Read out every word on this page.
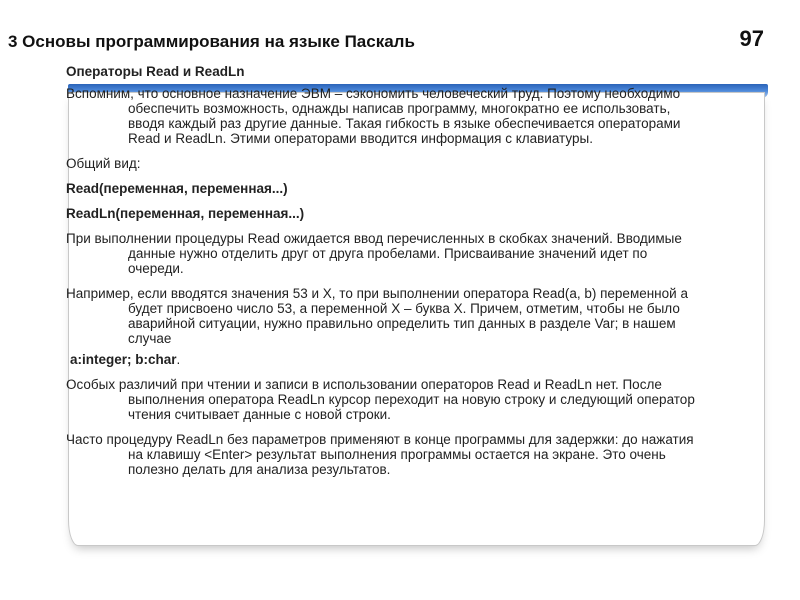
3 Основы программирования на языке Паскаль	97
Операторы Read и ReadLn
Вспомним, что основное назначение ЭВМ – сэкономить человеческий труд. Поэтому необходимо обеспечить возможность, однажды написав программу, многократно ее использовать, вводя каждый раз другие данные. Такая гибкость в языке обеспечивается операторами Read и ReadLn. Этими операторами вводится информация с клавиатуры.
Общий вид:
Read(переменная, переменная...)
ReadLn(переменная, переменная...)
При выполнении процедуры Read ожидается ввод перечисленных в скобках значений. Вводимые данные нужно отделить друг от друга пробелами. Присваивание значений идет по очереди.
Например, если вводятся значения 53 и X, то при выполнении оператора Read(a, b) переменной а будет присвоено число 53, а переменной Х – буква Х. Причем, отметим, чтобы не было аварийной ситуации, нужно правильно определить тип данных в разделе Var; в нашем случае
a:integer; b:char.
Особых различий при чтении и записи в использовании операторов Read и ReadLn нет. После выполнения оператора ReadLn курсор переходит на новую строку и следующий оператор чтения считывает данные с новой строки.
Часто процедуру ReadLn без параметров применяют в конце программы для задержки: до нажатия на клавишу <Enter> результат выполнения программы остается на экране. Это очень полезно делать для анализа результатов.
